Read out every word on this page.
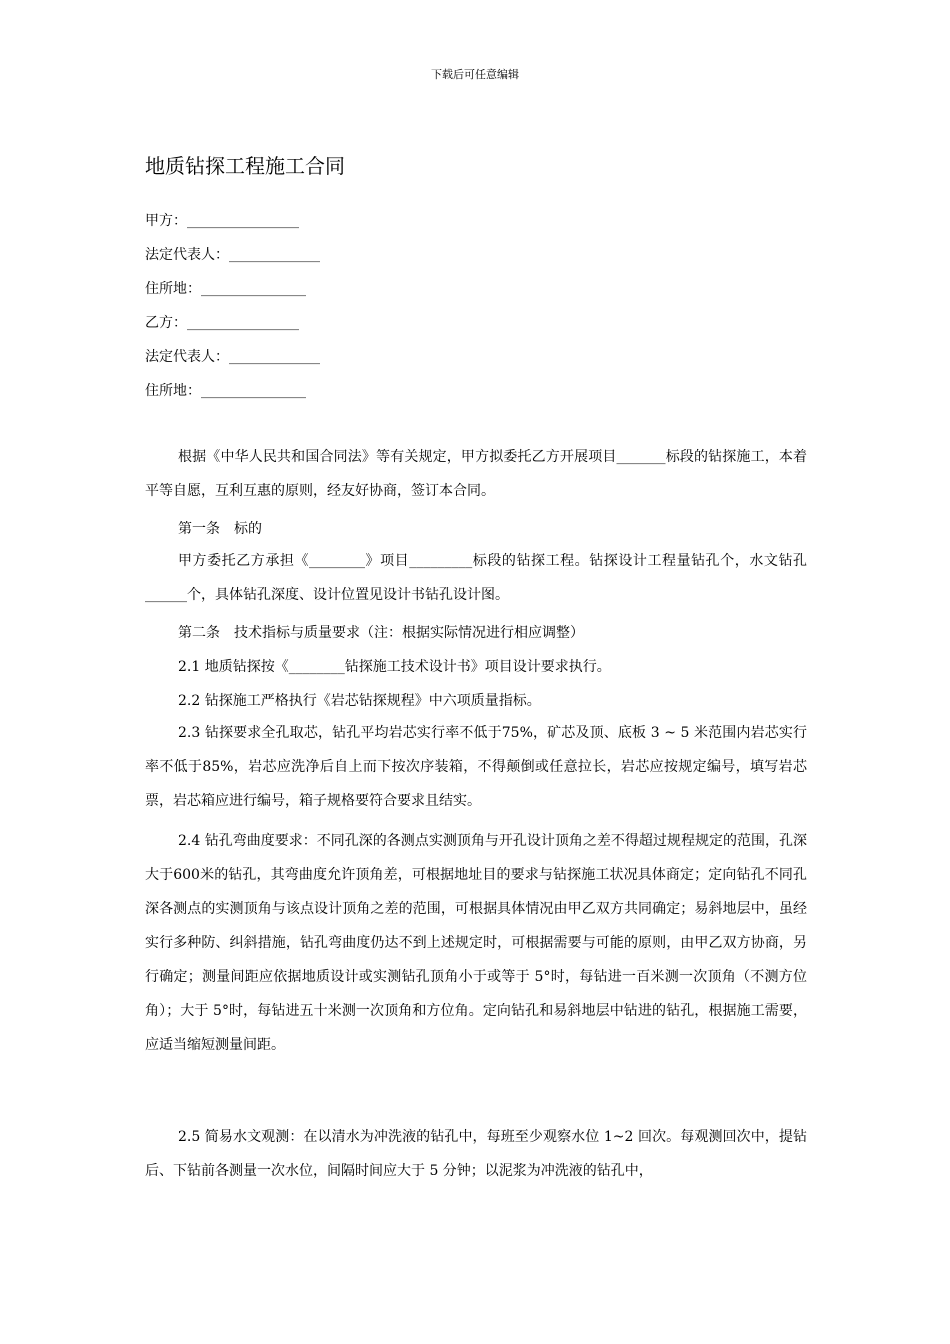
下载后可任意编辑
地质钻探工程施工合同
甲方：________________
法定代表人：_____________
住所地：_______________
乙方：________________
法定代表人：_____________
住所地：_______________

根据《中华人民共和国合同法》等有关规定，甲方拟委托乙方开展项目_______标段的钻探施工，本着平等自愿，互利互惠的原则，经友好协商，签订本合同。

第一条　标的

甲方委托乙方承担《________》项目_________标段的钻探工程。钻探设计工程量钻孔个，水文钻孔______个，具体钻孔深度、设计位置见设计书钻孔设计图。

第二条　技术指标与质量要求（注：根据实际情况进行相应调整）
2.1 地质钻探按《________钻探施工技术设计书》项目设计要求执行。
2.2 钻探施工严格执行《岩芯钻探规程》中六项质量指标。

2.3 钻探要求全孔取芯，钻孔平均岩芯实行率不低于75%，矿芯及顶、底板 3 ~ 5 米范围内岩芯实行率不低于85%，岩芯应洗净后自上而下按次序装箱，不得颠倒或任意拉长，岩芯应按规定编号，填写岩芯票，岩芯箱应进行编号，箱子规格要符合要求且结实。

2.4 钻孔弯曲度要求：不同孔深的各测点实测顶角与开孔设计顶角之差不得超过规程规定的范围，孔深大于600米的钻孔，其弯曲度允许顶角差，可根据地址目的要求与钻探施工状况具体商定；定向钻孔不同孔深各测点的实测顶角与该点设计顶角之差的范围，可根据具体情况由甲乙双方共同确定；易斜地层中，虽经实行多种防、纠斜措施，钻孔弯曲度仍达不到上述规定时，可根据需要与可能的原则，由甲乙双方协商，另行确定；测量间距应依据地质设计或实测钻孔顶角小于或等于 5°时，每钻进一百米测一次顶角（不测方位角）；大于 5°时，每钻进五十米测一次顶角和方位角。定向钻孔和易斜地层中钻进的钻孔，根据施工需要，应适当缩短测量间距。

2.5 简易水文观测：在以清水为冲洗液的钻孔中，每班至少观察水位 1~2 回次。每观测回次中，提钻后、下钻前各测量一次水位，间隔时间应大于 5 分钟；以泥浆为冲洗液的钻孔中，
